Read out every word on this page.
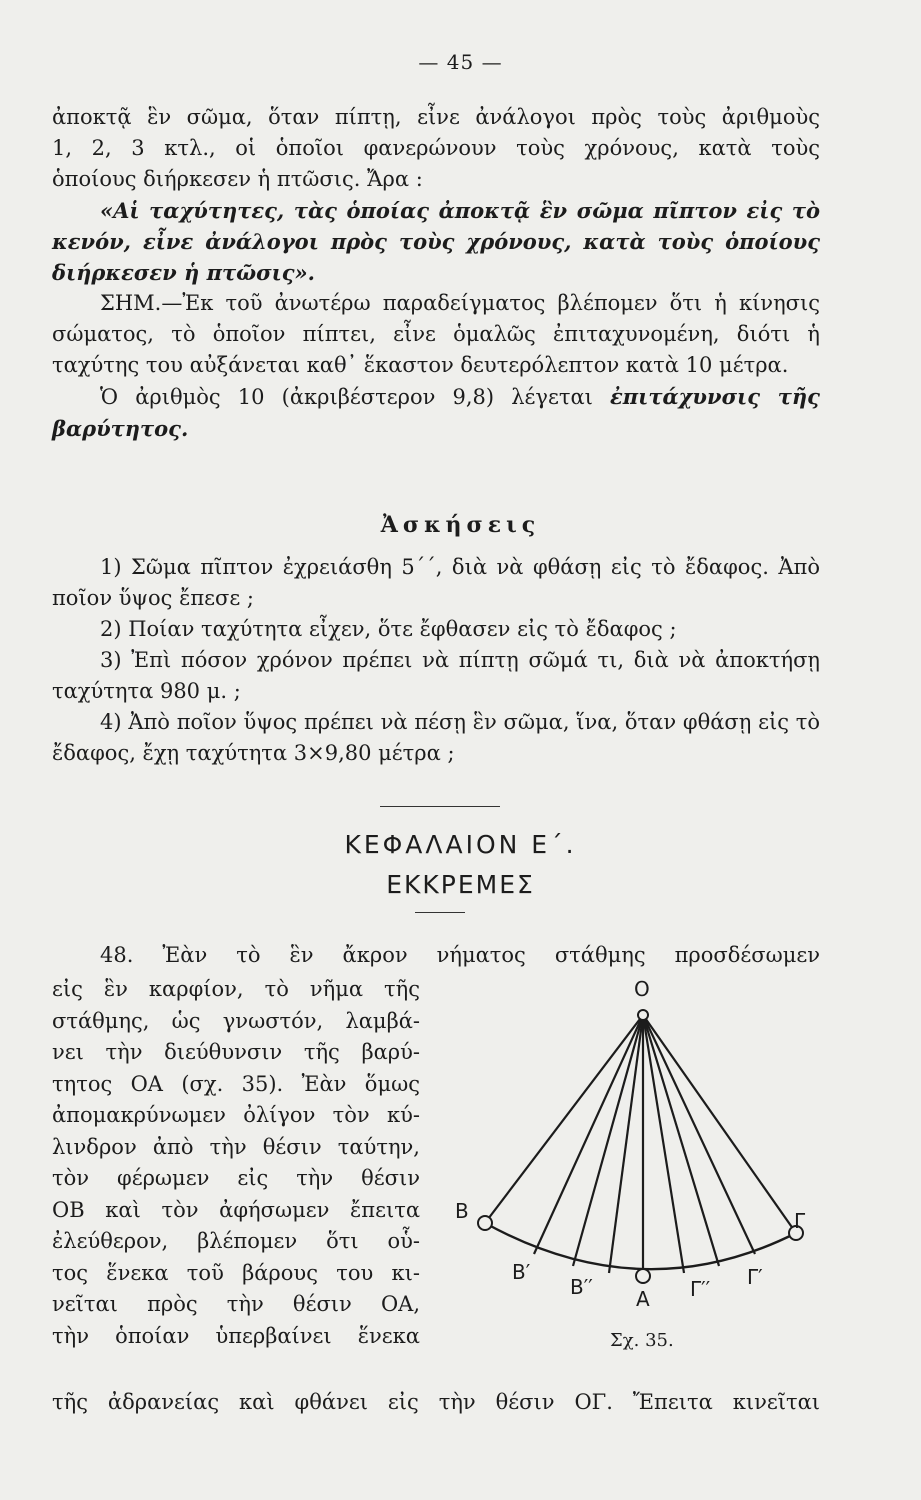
— 45 —

ἀποκτᾷ ἓν σῶμα, ὅταν πίπτῃ, εἶνε ἀνάλογοι πρὸς τοὺς ἀριθμοὺς

1, 2, 3 κτλ., οἱ ὁποῖοι φανερώνουν τοὺς χρόνους, κατὰ τοὺς

ὁποίους διήρκεσεν ἡ πτῶσις. Ἄρα :

«Αἱ ταχύτητες, τὰς ὁποίας ἀποκτᾷ ἓν σῶμα πῖπτον εἰς τὸ κενόν, εἶνε ἀνάλογοι πρὸς τοὺς χρόνους, κατὰ τοὺς ὁποίους διήρκεσεν ἡ πτῶσις».

ΣΗΜ.—Ἐκ τοῦ ἀνωτέρω παραδείγματος βλέπομεν ὅτι ἡ κίνησις σώματος, τὸ ὁποῖον πίπτει, εἶνε ὁμαλῶς ἐπιταχυνομένη, διότι ἡ ταχύτης του αὐξάνεται καθ᾽ ἕκαστον δευτερόλεπτον κατὰ 10 μέτρα.

Ὁ ἀριθμὸς 10 (ἀκριβέστερον 9,8) λέγεται ἐπιτάχυνσις τῆς βαρύτητος.

Ἀσκήσεις

1) Σῶμα πῖπτον ἐχρειάσθη 5΄΄, διὰ νὰ φθάσῃ εἰς τὸ ἔδαφος. Ἀπὸ ποῖον ὕψος ἔπεσε ;

2) Ποίαν ταχύτητα εἶχεν, ὅτε ἔφθασεν εἰς τὸ ἔδαφος ;

3) Ἐπὶ πόσον χρόνον πρέπει νὰ πίπτῃ σῶμά τι, διὰ νὰ ἀποκτήσῃ ταχύτητα 980 μ. ;

4) Ἀπὸ ποῖον ὕψος πρέπει νὰ πέσῃ ἓν σῶμα, ἵνα, ὅταν φθάσῃ εἰς τὸ ἔδαφος, ἔχῃ ταχύτητα 3×9,80 μέτρα ;

ΚΕΦΑΛΑΙΟΝ Ε΄.
ΕΚΚΡΕΜΕΣ
48. Ἐὰν τὸ ἓν ἄκρον νήματος στάθμης προσδέσωμεν
εἰς ἓν καρφίον, τὸ νῆμα τῆς
στάθμης, ὡς γνωστόν, λαμβά-
νει τὴν διεύθυνσιν τῆς βαρύ-
τητος ΟΑ (σχ. 35). Ἐὰν ὅμως
ἀπομακρύνωμεν ὀλίγον τὸν κύ-
λινδρον ἀπὸ τὴν θέσιν ταύτην,
τὸν φέρωμεν εἰς τὴν θέσιν
ΟΒ καὶ τὸν ἀφήσωμεν ἔπειτα
ἐλεύθερον, βλέπομεν ὅτι οὗ-
τος ἕνεκα τοῦ βάρους του κι-
νεῖται πρὸς τὴν θέσιν ΟΑ,
τὴν ὁποίαν ὑπερβαίνει ἕνεκα
τῆς ἀδρανείας καὶ φθάνει εἰς τὴν θέσιν ΟΓ. Ἔπειτα κινεῖται
O
B
B′
B′′ A Γ′′ Γ′
Γ
Σχ. 35.
